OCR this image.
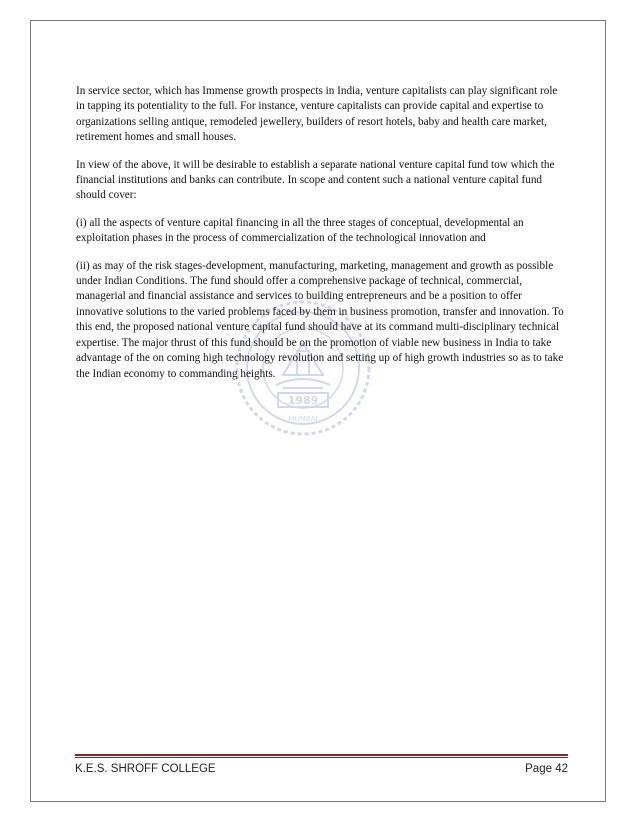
1989
MUMBAI

In service sector, which has Immense growth prospects in India, venture capitalists can play significant role in tapping its potentiality to the full. For instance, venture capitalists can provide capital and expertise to organizations selling antique, remodeled jewellery, builders of resort hotels, baby and health care market, retirement homes and small houses.

In view of the above, it will be desirable to establish a separate national venture capital fund tow which the financial institutions and banks can contribute. In scope and content such a national venture capital fund should cover:

(i) all the aspects of venture capital financing in all the three stages of conceptual, developmental an exploitation phases in the process of commercialization of the technological innovation and

(ii) as may of the risk stages-development, manufacturing, marketing, management and growth as possible under Indian Conditions. The fund should offer a comprehensive package of technical, commercial, managerial and financial assistance and services to building entrepreneurs and be a position to offer innovative solutions to the varied problems faced by them in business promotion, transfer and innovation. To this end, the proposed national venture capital fund should have at its command multi-disciplinary technical expertise. The major thrust of this fund should be on the promotion of viable new business in India to take advantage of the on coming high technology revolution and setting up of high growth industries so as to take the Indian economy to commanding heights.

K.E.S. SHROFF COLLEGE	Page 42
